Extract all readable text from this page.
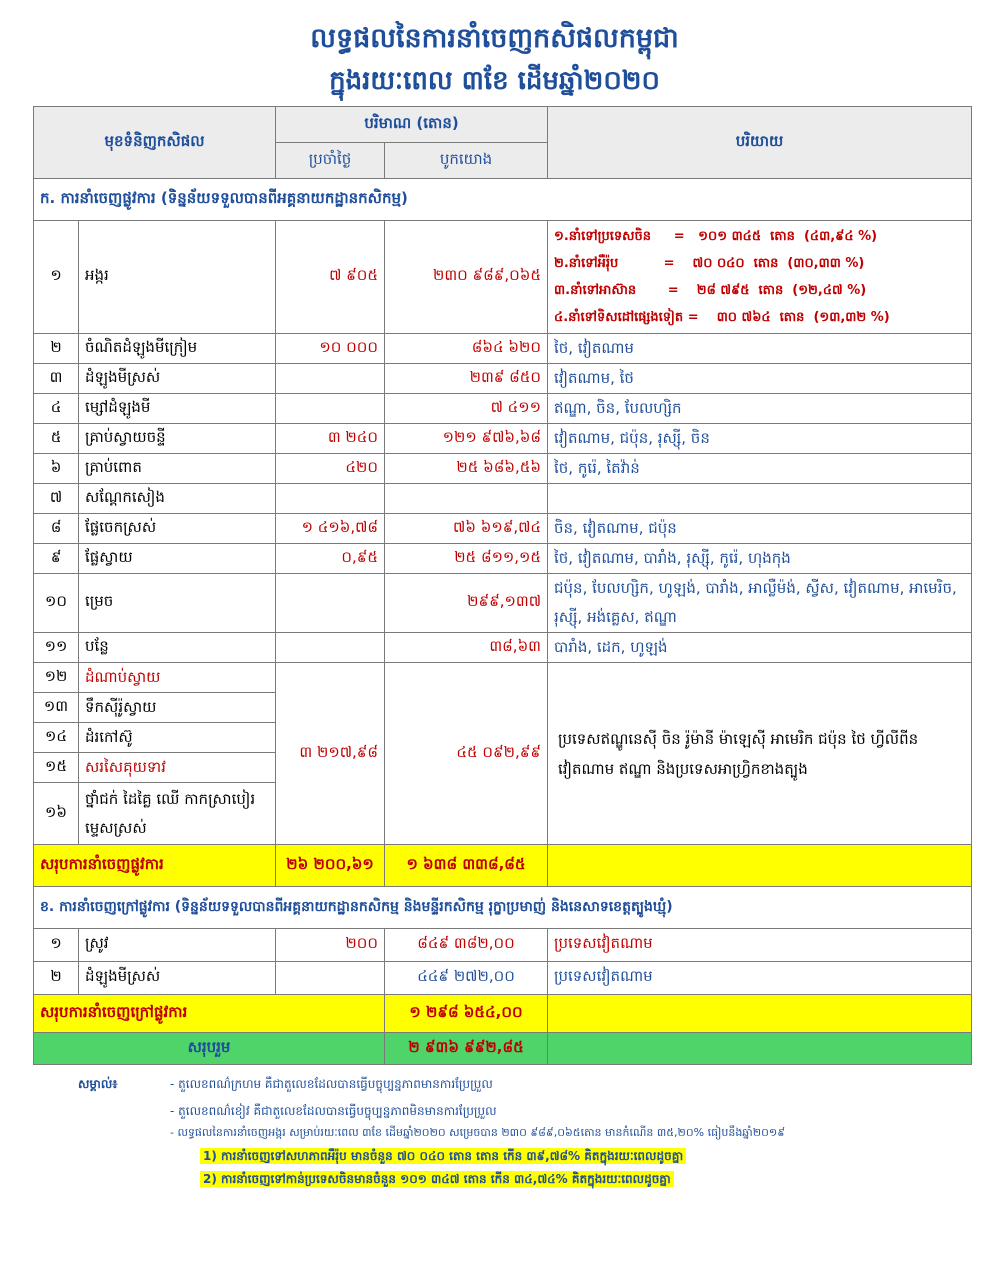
លទ្ធផលនៃការនាំចេញកសិផលកម្ពុជា
ក្នុងរយៈពេល ៣ខែ ដើមឆ្នាំ២០២០
មុខទំនិញកសិផល		បរិមាណ (តោន)		បរិយាយ
		ប្រចាំថ្ងៃ	បូកយោង	
ក. ការនាំចេញផ្លូវការ (ទិន្នន័យទទួលបានពីអគ្គនាយកដ្ឋានកសិកម្ម)				
១	អង្ករ	៧ ៩០៥	២៣០ ៩៨៩,០៦៥	១.នាំទៅប្រទេសចិន     =   ១០១ ៣៤៥  តោន  (៤៣,៩៤ %)
២.នាំទៅអឺរ៉ុប          =    ៧០ ០៤០  តោន  (៣០,៣៣ %)
៣.នាំទៅអាស៊ាន       =    ២៨ ៧៩៥  តោន  (១២,៤៧ %)
៤.នាំទៅទិសដៅផ្សេងទៀត =    ៣០ ៧៦៤  តោន  (១៣,៣២ %)

២	ចំណិតដំឡូងមីក្រៀម	១០ ០០០	៨៦៤ ៦២០	ថៃ, វៀតណាម
៣	ដំឡូងមីស្រស់		២៣៩ ៨៥០	វៀតណាម, ថៃ
៤	ម្សៅដំឡូងមី		៧ ៤១១	ឥណ្ឌា, ចិន, បែលហ្សិក
៥	គ្រាប់ស្វាយចន្ទី	៣ ២៤០	១២១ ៩៧៦,៦៨	វៀតណាម, ជប៉ុន, រុស្ស៊ី, ចិន
៦	គ្រាប់ពោត	៤២០	២៥ ៦៨៦,៥៦	ថៃ, កូរ៉េ, តៃវ៉ាន់
៧	សណ្តែកសៀង			
៨	ផ្លែចេកស្រស់	១ ៤១៦,៧៨	៧៦ ៦១៩,៧៤	ចិន, វៀតណាម, ជប៉ុន
៩	ផ្លែស្វាយ	០,៩៥	២៥ ៨១១,១៥	ថៃ, វៀតណាម, បារាំង, រុស្ស៊ី, កូរ៉េ, ហុងកុង
១០	ម្រេច		២៩៩,១៣៧	ជប៉ុន, បែលហ្សិក, ហូឡង់, បារាំង, អាល្លឺម៉ង់, ស្វីស, វៀតណាម, អាមេរិច, រុស្ស៊ី, អង់គ្លេស, ឥណ្ឌា
១១	បន្លែ		៣៨,៦៣	បារាំង, ដេក, ហូឡង់
១២	ដំណាប់ស្វាយ	៣ ២១៧,៩៨	៤៥ ០៩២,៩៩	ប្រទេសឥណ្ឌូនេស៊ី ចិន រ៉ូម៉ានី ម៉ាឡេស៊ី អាមេរិក ជប៉ុន ថៃ ហ្វីលីពីន វៀតណាម ឥណ្ឌា និងប្រទេសអាហ្វ្រិកខាងត្បូង
១៣	ទឹកស៊ីរ៉ូស្វាយ			
១៤	ដំរកៅស៊ូ			
១៥	សរសៃគុយទាវ			
១៦	ថ្នាំជក់ ដៃគ្លៃ ឈើ កាកស្រាបៀរ ម្ទេសស្រស់			
សរុបការនាំចេញផ្លូវការ		២៦ ២០០,៦១	១ ៦៣៨ ៣៣៨,៨៥	
ខ. ការនាំចេញក្រៅផ្លូវការ (ទិន្នន័យទទួលបានពីអគ្គនាយកដ្ឋានកសិកម្ម និងមន្ទីរកសិកម្ម រុក្ខាប្រមាញ់ និងនេសាទខេត្តត្បូងឃ្មុំ)				
១	ស្រូវ	២០០	៨៤៩ ៣៨២,០០	ប្រទេសវៀតណាម
២	ដំឡូងមីស្រស់		៤៤៩ ២៧២,០០	ប្រទេសវៀតណាម
សរុបការនាំចេញក្រៅផ្លូវការ			១ ២៩៨ ៦៥៤,០០	
សរុបរួម			២ ៩៣៦ ៩៩២,៨៥	
សម្គាល់៖	- តួលេខពណ៌ក្រហម គឺជាតួលេខដែលបានធ្វើបច្ចុប្បន្នភាពមានការប្រែប្រួល
- តួលេខពណ៌ខៀវ គឺជាតួលេខដែលបានធ្វើបច្ចុប្បន្នភាពមិនមានការប្រែប្រួល
- លទ្ធផលនៃការនាំចេញអង្ករ សម្រាប់រយៈពេល ៣ខែ ដើមឆ្នាំ២០២០ សម្រេចបាន ២៣០ ៩៨៩,០៦៥តោន មានកំណើន ៣៥,២០% ធៀបនឹងឆ្នាំ២០១៩
1) ការនាំចេញទៅសហភាពអឺរ៉ុប មានចំនួន ៧០ ០៤០ តោន តោន កើន ៣៩,៧៨% គិតក្នុងរយៈពេលដូចគ្នា
2) ការនាំចេញទៅកាន់ប្រទេសចិនមានចំនួន ១០១ ៣៤៧ តោន កើន ៣៤,៧៤% គិតក្នុងរយៈពេលដូចគ្នា
